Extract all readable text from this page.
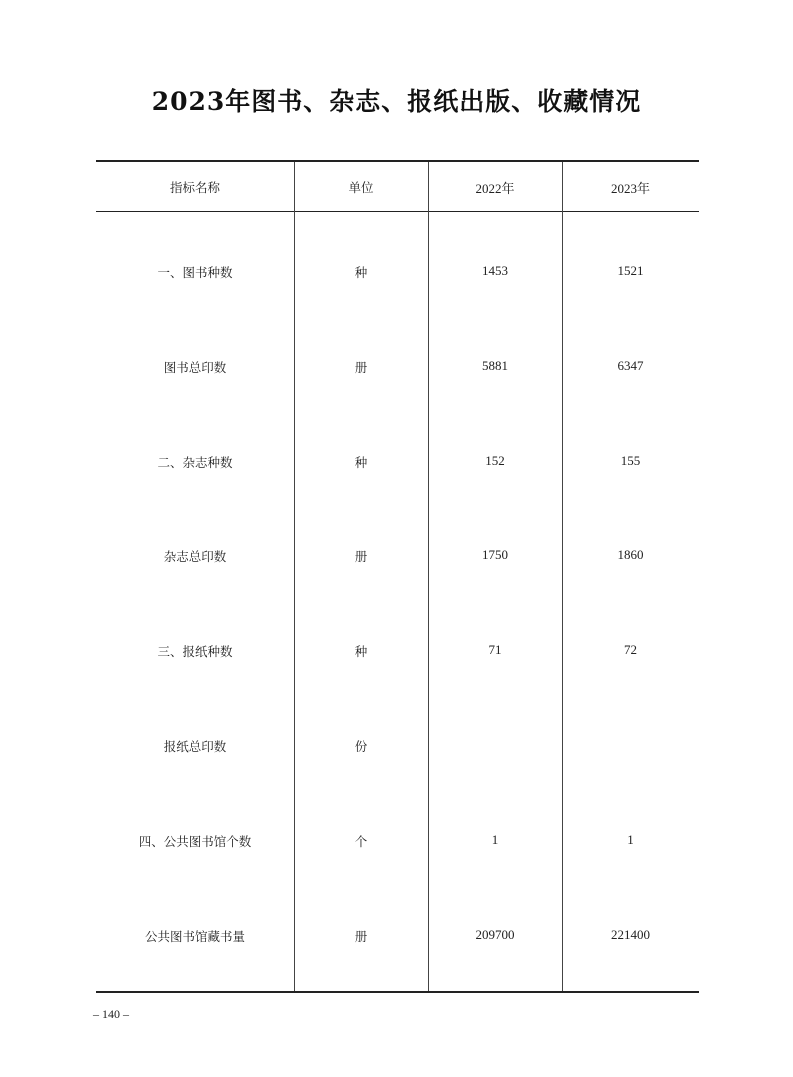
2023年图书、杂志、报纸出版、收藏情况
指标名称	单位	2022年	2023年
一、图书种数	种	1453	1521
图书总印数	册	5881	6347
二、杂志种数	种	152	155
杂志总印数	册	1750	1860
三、报纸种数	种	71	72
报纸总印数	份
四、公共图书馆个数	个	1	1
公共图书馆藏书量	册	209700	221400
– 140 –
